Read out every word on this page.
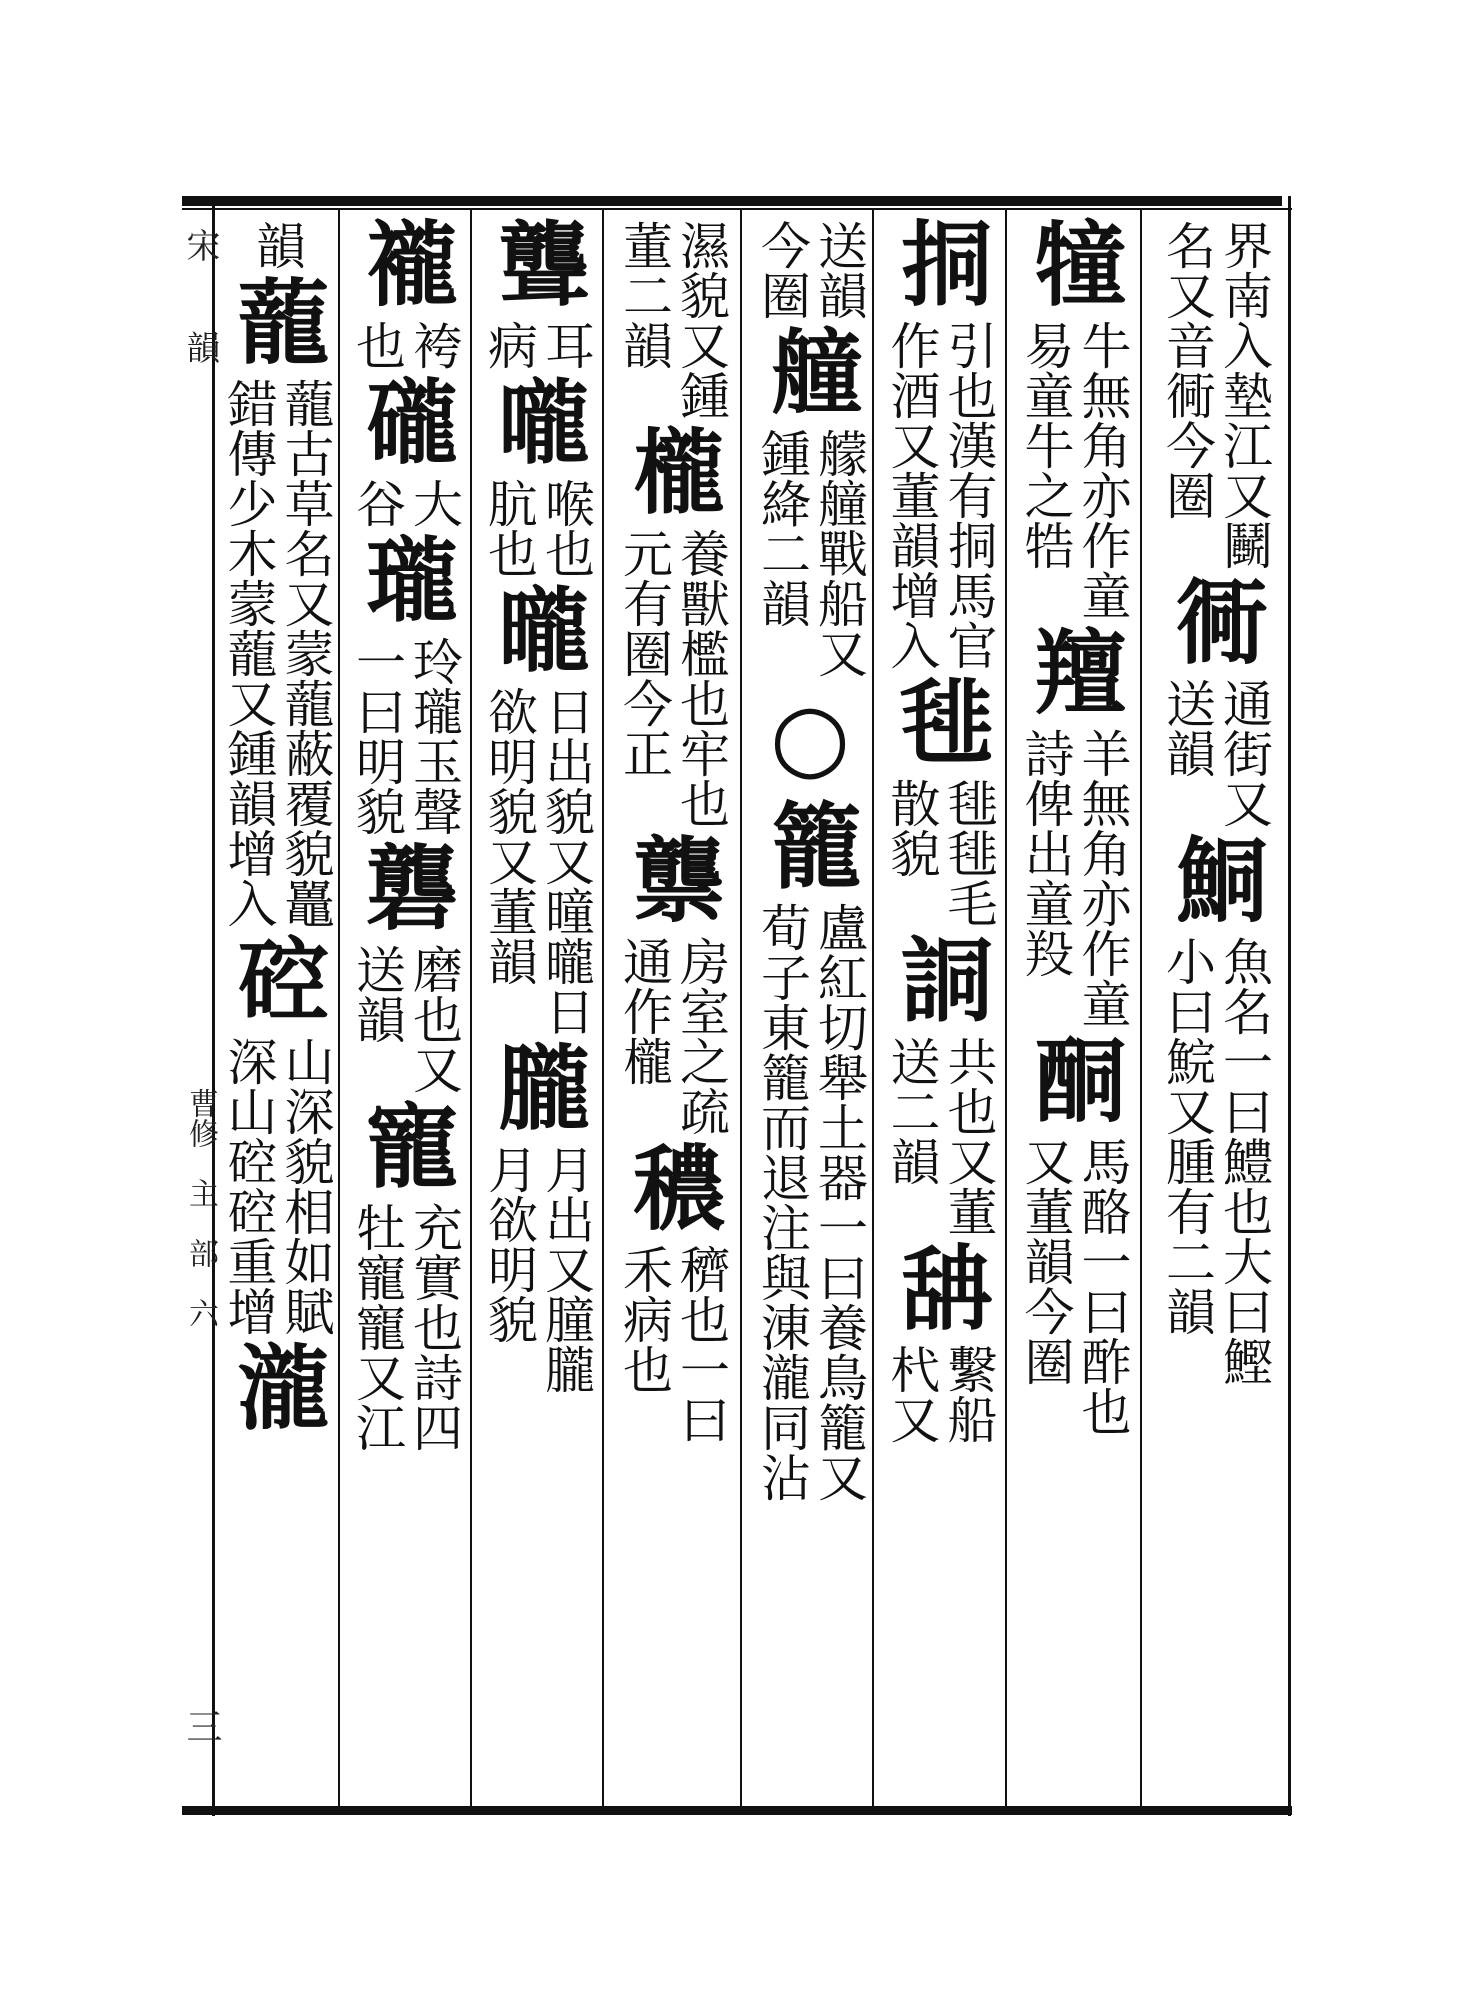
宋　　韻
曹修　主　部　六
三
界南入墊江又鬭
名又音衕今圈
衕
通街又
送韻
鮦
魚名一曰鱧也大曰鰹
小曰鯇又腫有二韻
犝
牛無角亦作童
易童牛之牿
羶
羊無角亦作童
詩俾出童羖
酮
馬酪一曰酢也
又董韻今圈
挏
引也漢有挏馬官
作酒又董韻增入
毴
毴毴毛
散貌
詷
共也又董
送二韻
舑
繫船
杙又
送韻
今圈
艟
艨艟戰船又
鍾絳二韻
○
籠
盧紅切舉土器一曰養鳥籠又
荀子東籠而退注與涷瀧同沾
濕貌又鍾
董二韻
櫳
養獸檻也牢也
元有圈今正
龒
房室之疏
通作櫳
穠
穧也一曰
禾病也
聾
耳
病
嚨
喉也
肮也
曨
日出貌又曈曨日
欲明貌又董韻
朧
月出又朣朧
月欲明貌
襱
袴
也
礲
大
谷
瓏
玲瓏玉聲
一曰明貌
礱
磨也又
送韻
寵
充實也詩四
牡寵寵又江
韻
蘢
蘢古草名又蒙蘢蔽覆貌鼉
錯傳少木蒙蘢又鍾韻增入
硿
山深貌相如賦
深山硿硿重增
瀧
